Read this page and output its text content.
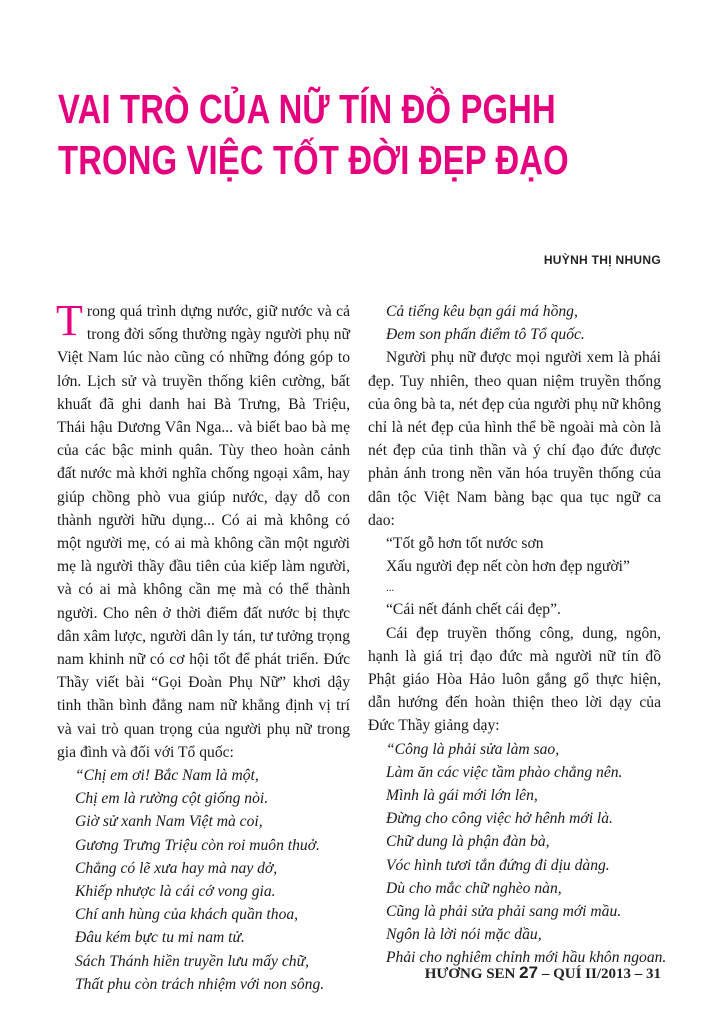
VAI TRÒ CỦA NỮ TÍN ĐỒ PGHH
TRONG VIỆC TỐT ĐỜI ĐẸP ĐẠO
HUỲNH THỊ NHUNG

Trong quá trình dựng nước, giữ nước và cả trong đời sống thường ngày người phụ nữ Việt Nam lúc nào cũng có những đóng góp to lớn. Lịch sử và truyền thống kiên cường, bất khuất đã ghi danh hai Bà Trưng, Bà Triệu, Thái hậu Dương Vân Nga... và biết bao bà mẹ của các bậc minh quân. Tùy theo hoàn cảnh đất nước mà khởi nghĩa chống ngoại xâm, hay giúp chồng phò vua giúp nước, dạy dỗ con thành người hữu dụng... Có ai mà không có một người mẹ, có ai mà không cần một người mẹ là người thầy đầu tiên của kiếp làm người, và có ai mà không cần mẹ mà có thể thành người. Cho nên ở thời điểm đất nước bị thực dân xâm lược, người dân ly tán, tư tưởng trọng nam khinh nữ có cơ hội tốt để phát triển. Đức Thầy viết bài “Gọi Đoàn Phụ Nữ” khơi dậy tinh thần bình đẳng nam nữ khẳng định vị trí và vai trò quan trọng của người phụ nữ trong gia đình và đối với Tổ quốc:

“Chị em ơi! Bắc Nam là một,

Chị em là rường cột giống nòi.

Giờ sử xanh Nam Việt mà coi,

Gương Trưng Triệu còn roi muôn thuở.

Chẳng có lẽ xưa hay mà nay dở,

Khiếp nhược là cái cớ vong gia.

Chí anh hùng của khách quần thoa,

Đâu kém bực tu mi nam tử.

Sách Thánh hiền truyền lưu mấy chữ,

Thất phu còn trách nhiệm với non sông.

Cả tiếng kêu bạn gái má hồng,

Đem son phấn điểm tô Tổ quốc.

Người phụ nữ được mọi người xem là phái đẹp. Tuy nhiên, theo quan niệm truyền thống của ông bà ta, nét đẹp của người phụ nữ không chỉ là nét đẹp của hình thể bề ngoài mà còn là nét đẹp của tinh thần và ý chí đạo đức được phản ánh trong nền văn hóa truyền thống của dân tộc Việt Nam bàng bạc qua tục ngữ ca dao:

“Tốt gỗ hơn tốt nước sơn

Xấu người đẹp nết còn hơn đẹp người”

...

“Cái nết đánh chết cái đẹp”.

Cái đẹp truyền thống công, dung, ngôn, hạnh là giá trị đạo đức mà người nữ tín đồ Phật giáo Hòa Hảo luôn gắng gổ thực hiện, dẫn hướng đến hoàn thiện theo lời dạy của Đức Thầy giảng dạy:

“Công là phải sửa làm sao,

Làm ăn các việc tầm phào chẳng nên.

Mình là gái mới lớn lên,

Đừng cho công việc hở hênh mới là.

Chữ dung là phận đàn bà,

Vóc hình tươi tắn đứng đi dịu dàng.

Dù cho mắc chữ nghèo nàn,

Cũng là phải sửa phải sang mới mầu.

Ngôn là lời nói mặc dầu,

Phải cho nghiêm chỉnh mới hầu khôn ngoan.

HƯƠNG SEN 27 – QUÍ II/2013 – 31
